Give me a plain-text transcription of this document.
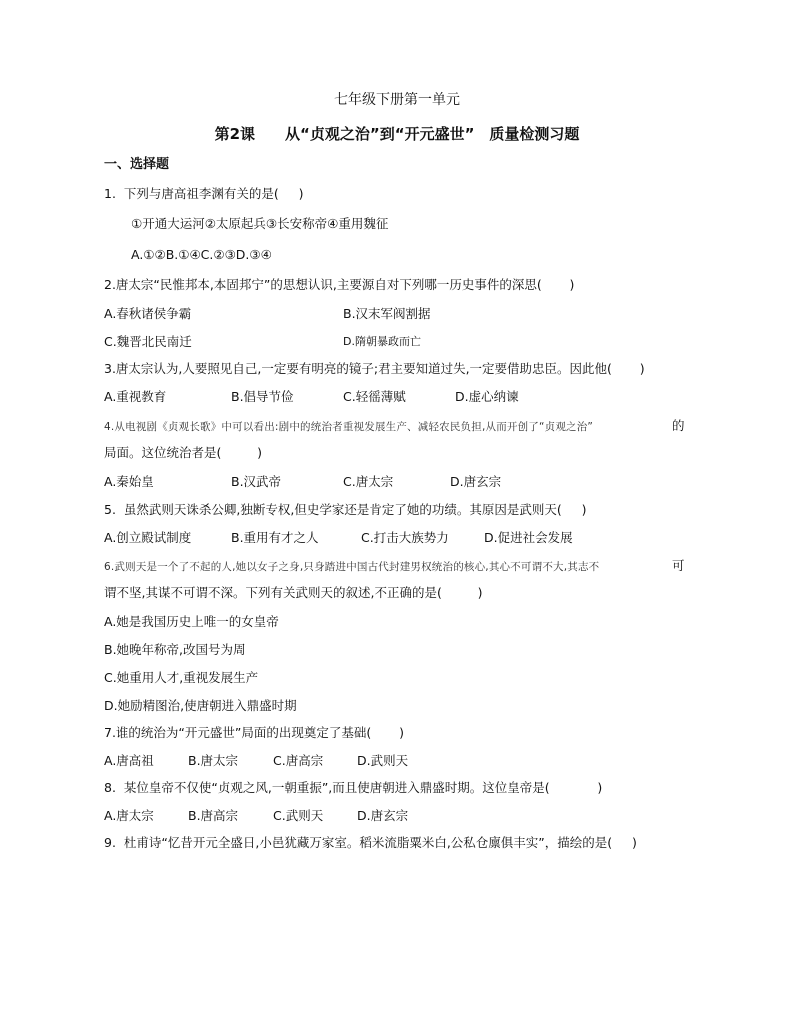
七年级下册第一单元
第2课　　从“贞观之治”到“开元盛世”　质量检测习题
一、选择题
1.  下列与唐高祖李渊有关的是(     )
①开通大运河②太原起兵③长安称帝④重用魏征
A.①②B.①④C.②③D.③④
2.唐太宗“民惟邦本,本固邦宁”的思想认识,主要源自对下列哪一历史事件的深思(       )
A.春秋诸侯争霸	B.汉末军阀割据
C.魏晋北民南迁	D.隋朝暴政而亡
3.唐太宗认为,人要照见自己,一定要有明亮的镜子;君主要知道过失,一定要借助忠臣。因此他(       )
A.重视教育	B.倡导节俭	C.轻徭薄赋	D.虚心纳谏
4.从电视剧《贞观长歌》中可以看出:剧中的统治者重视发展生产、减轻农民负担,从而开创了“贞观之治”	的
局面。这位统治者是(         )
A.秦始皇	B.汉武帝	C.唐太宗	D.唐玄宗
5.  虽然武则天诛杀公卿,独断专权,但史学家还是肯定了她的功绩。其原因是武则天(     )
A.创立殿试制度	B.重用有才之人	C.打击大族势力	D.促进社会发展
6.武则天是一个了不起的人,她以女子之身,只身踏进中国古代封建男权统治的核心,其心不可谓不大,其志不	可
谓不坚,其谋不可谓不深。下列有关武则天的叙述,不正确的是(         )
A.她是我国历史上唯一的女皇帝
B.她晚年称帝,改国号为周
C.她重用人才,重视发展生产
D.她励精图治,使唐朝进入鼎盛时期
7.谁的统治为“开元盛世”局面的出现奠定了基础(       )
A.唐高祖	B.唐太宗	C.唐高宗	D.武则天
8.  某位皇帝不仅使“贞观之风,一朝重振”,而且使唐朝进入鼎盛时期。这位皇帝是(            )
A.唐太宗	B.唐高宗	C.武则天	D.唐玄宗
9.  杜甫诗“忆昔开元全盛日,小邑犹藏万家室。稻米流脂粟米白,公私仓廪俱丰实”，描绘的是(     )
